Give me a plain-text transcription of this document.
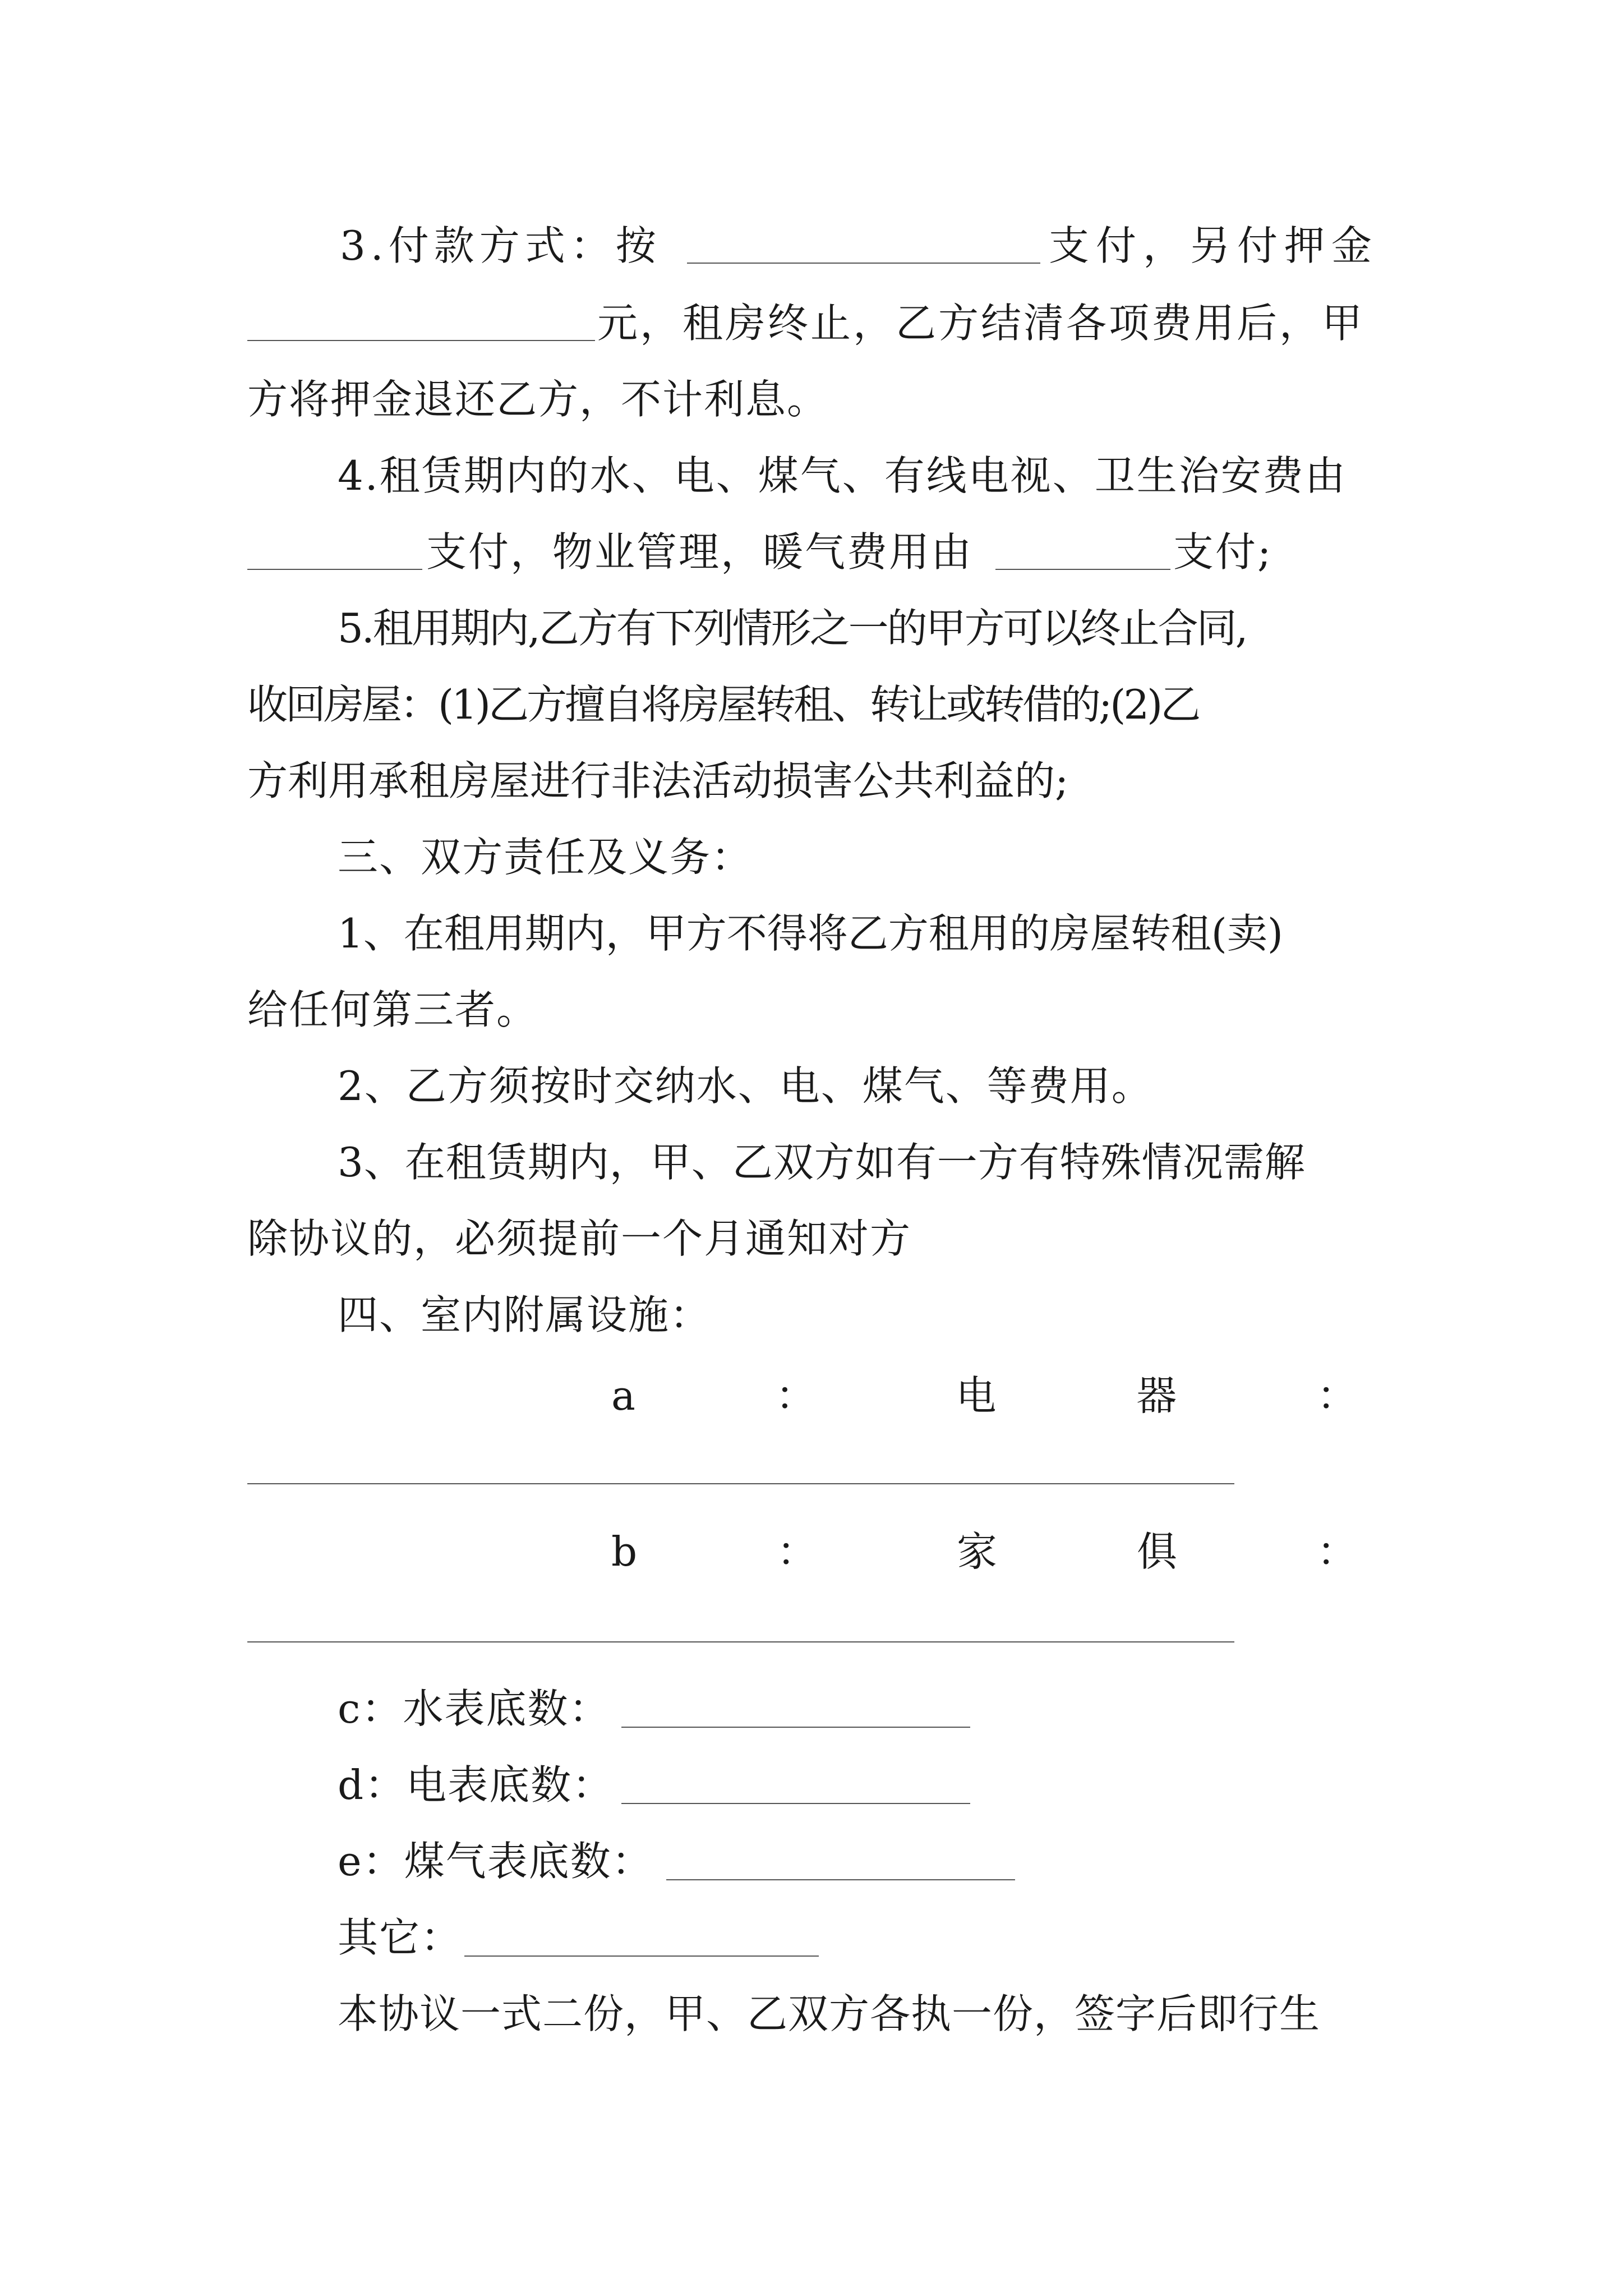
3.付款方式：按	支付，另付押金
元，租房终止，乙方结清各项费用后，甲
方将押金退还乙方，不计利息。
4.租赁期内的水、电、煤气、有线电视、卫生治安费由
支付，物业管理，暖气费用由	支付;
5.租用期内,乙方有下列情形之一的甲方可以终止合同,
收回房屋：(1)乙方擅自将房屋转租、转让或转借的;(2)乙
方利用承租房屋进行非法活动损害公共利益的;
三、双方责任及义务：
1、在租用期内，甲方不得将乙方租用的房屋转租(卖)
给任何第三者。
2、乙方须按时交纳水、电、煤气、等费用。
3、在租赁期内，甲、乙双方如有一方有特殊情况需解
除协议的，必须提前一个月通知对方
四、室内附属设施：
a	：	电	器	：
b	：	家	俱	：
c：水表底数：
d：电表底数：
e：煤气表底数：
其它：
本协议一式二份，甲、乙双方各执一份，签字后即行生
